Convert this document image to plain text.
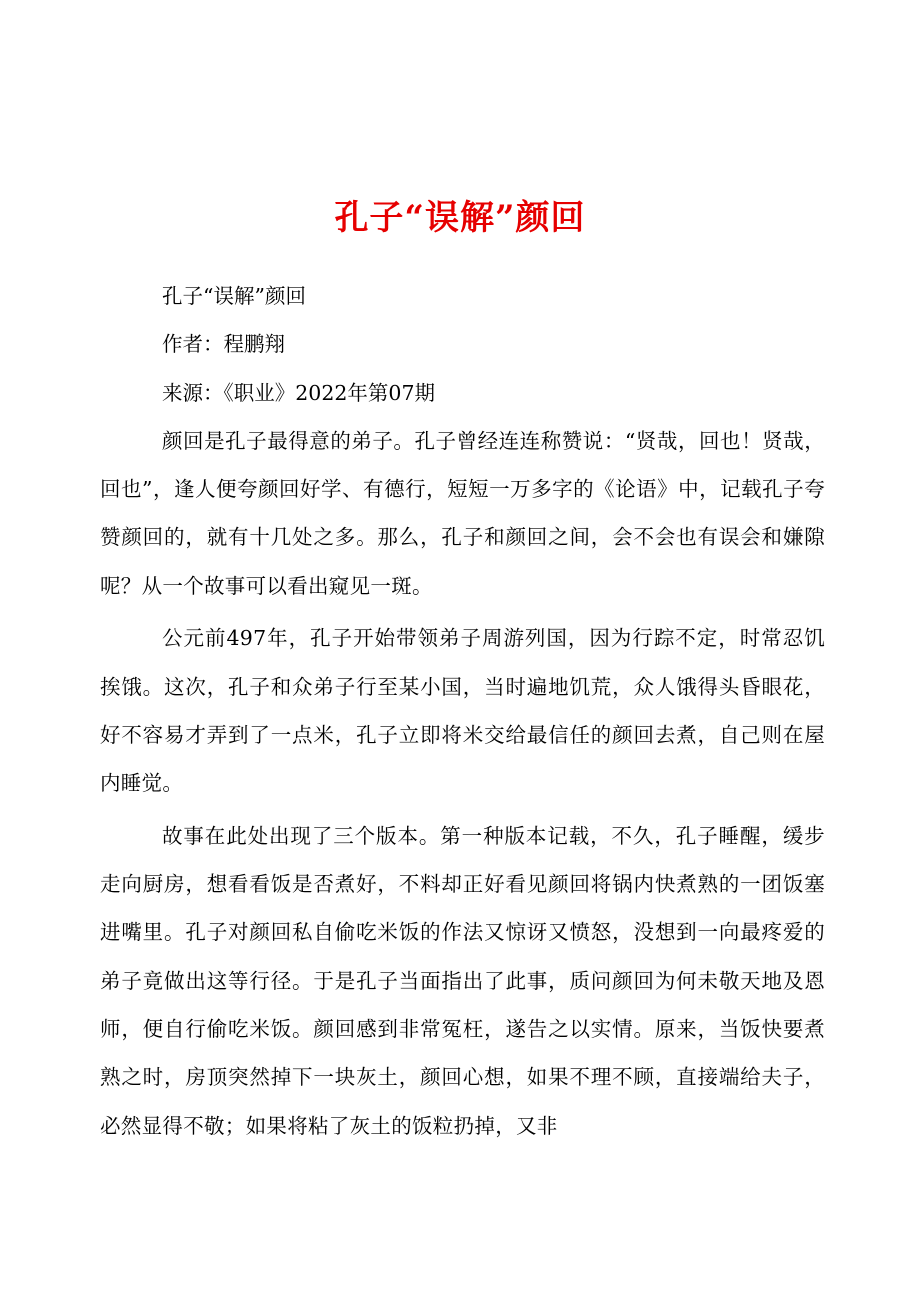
孔子“误解”颜回

孔子“误解”颜回

作者：程鹏翔

来源：《职业》2022年第07期

颜回是孔子最得意的弟子。孔子曾经连连称赞说：“贤哉，回也！贤哉，回也”，逢人便夸颜回好学、有德行，短短一万多字的《论语》中，记载孔子夸赞颜回的，就有十几处之多。那么，孔子和颜回之间，会不会也有误会和嫌隙呢？从一个故事可以看出窥见一斑。

公元前497年，孔子开始带领弟子周游列国，因为行踪不定，时常忍饥挨饿。这次，孔子和众弟子行至某小国，当时遍地饥荒，众人饿得头昏眼花，好不容易才弄到了一点米，孔子立即将米交给最信任的颜回去煮，自己则在屋内睡觉。

故事在此处出现了三个版本。第一种版本记载，不久，孔子睡醒，缓步走向厨房，想看看饭是否煮好，不料却正好看见颜回将锅内快煮熟的一团饭塞进嘴里。孔子对颜回私自偷吃米饭的作法又惊讶又愤怒，没想到一向最疼爱的弟子竟做出这等行径。于是孔子当面指出了此事，质问颜回为何未敬天地及恩师，便自行偷吃米饭。颜回感到非常冤枉，遂告之以实情。原来，当饭快要煮熟之时，房顶突然掉下一块灰土，颜回心想，如果不理不顾，直接端给夫子，必然显得不敬；如果将粘了灰土的饭粒扔掉，又非
